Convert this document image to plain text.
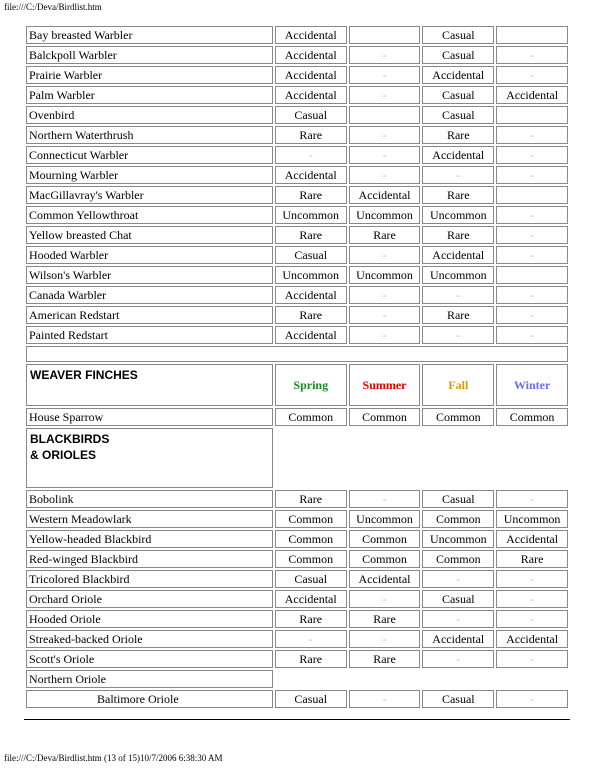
file:///C:/Deva/Birdlist.htm
Bay breasted Warbler	Accidental		Casual	
Balckpoll Warbler	Accidental	-	Casual	-
Prairie Warbler	Accidental	-	Accidental	-
Palm Warbler	Accidental	-	Casual	Accidental
Ovenbird	Casual		Casual	
Northern Waterthrush	Rare	-	Rare	-
Connecticut Warbler	-	-	Accidental	-
Mourning Warbler	Accidental	-	-	-
MacGillavray's Warbler	Rare	Accidental	Rare	
Common Yellowthroat	Uncommon	Uncommon	Uncommon	-
Yellow breasted Chat	Rare	Rare	Rare	-
Hooded Warbler	Casual	-	Accidental	-
Wilson's Warbler	Uncommon	Uncommon	Uncommon	
Canada Warbler	Accidental	-	-	-
American Redstart	Rare	-	Rare	-
Painted Redstart	Accidental	-	-	-

WEAVER FINCHES	Spring	Summer	Fall	Winter
House Sparrow	Common	Common	Common	Common
BLACKBIRDS
& ORIOLES				
Bobolink	Rare	-	Casual	-
Western Meadowlark	Common	Uncommon	Common	Uncommon
Yellow-headed Blackbird	Common	Common	Uncommon	Accidental
Red-winged Blackbird	Common	Common	Common	Rare
Tricolored Blackbird	Casual	Accidental	-	-
Orchard Oriole	Accidental	-	Casual	-
Hooded Oriole	Rare	Rare	-	-
Streaked-backed Oriole	-	-	Accidental	Accidental
Scott's Oriole	Rare	Rare	-	-
Northern Oriole				
Baltimore Oriole	Casual	-	Casual	-
file:///C:/Deva/Birdlist.htm (13 of 15)10/7/2006 6:38:30 AM
